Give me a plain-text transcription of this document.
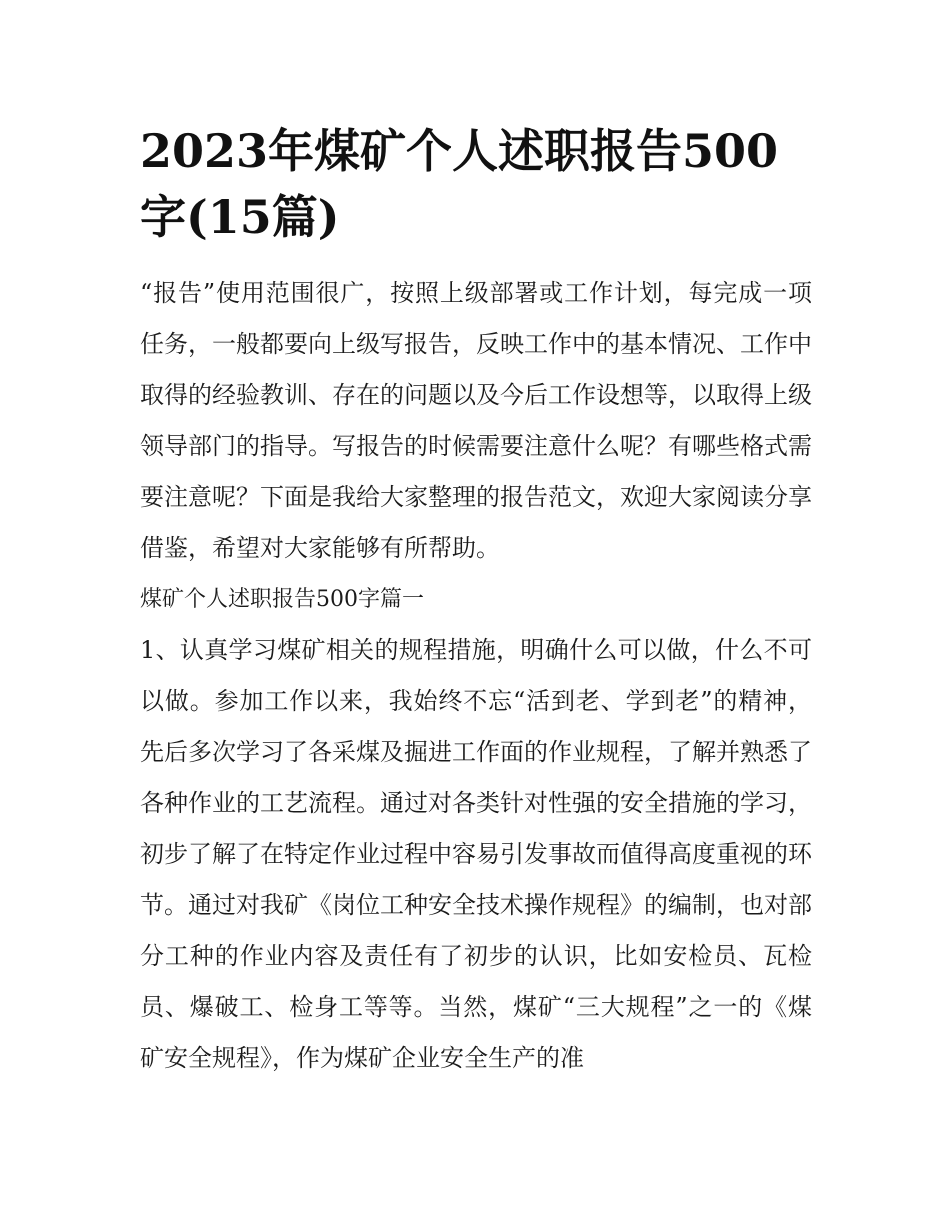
2023年煤矿个人述职报告500字(15篇)

“报告”使用范围很广，按照上级部署或工作计划，每完成一项任务，一般都要向上级写报告，反映工作中的基本情况、工作中取得的经验教训、存在的问题以及今后工作设想等，以取得上级领导部门的指导。写报告的时候需要注意什么呢？有哪些格式需要注意呢？下面是我给大家整理的报告范文，欢迎大家阅读分享借鉴，希望对大家能够有所帮助。

煤矿个人述职报告500字篇一

1、认真学习煤矿相关的规程措施，明确什么可以做，什么不可以做。参加工作以来，我始终不忘“活到老、学到老”的精神，先后多次学习了各采煤及掘进工作面的作业规程，了解并熟悉了各种作业的工艺流程。通过对各类针对性强的安全措施的学习，初步了解了在特定作业过程中容易引发事故而值得高度重视的环节。通过对我矿《岗位工种安全技术操作规程》的编制，也对部分工种的作业内容及责任有了初步的认识，比如安检员、瓦检员、爆破工、检身工等等。当然，煤矿“三大规程”之一的《煤矿安全规程》，作为煤矿企业安全生产的准
